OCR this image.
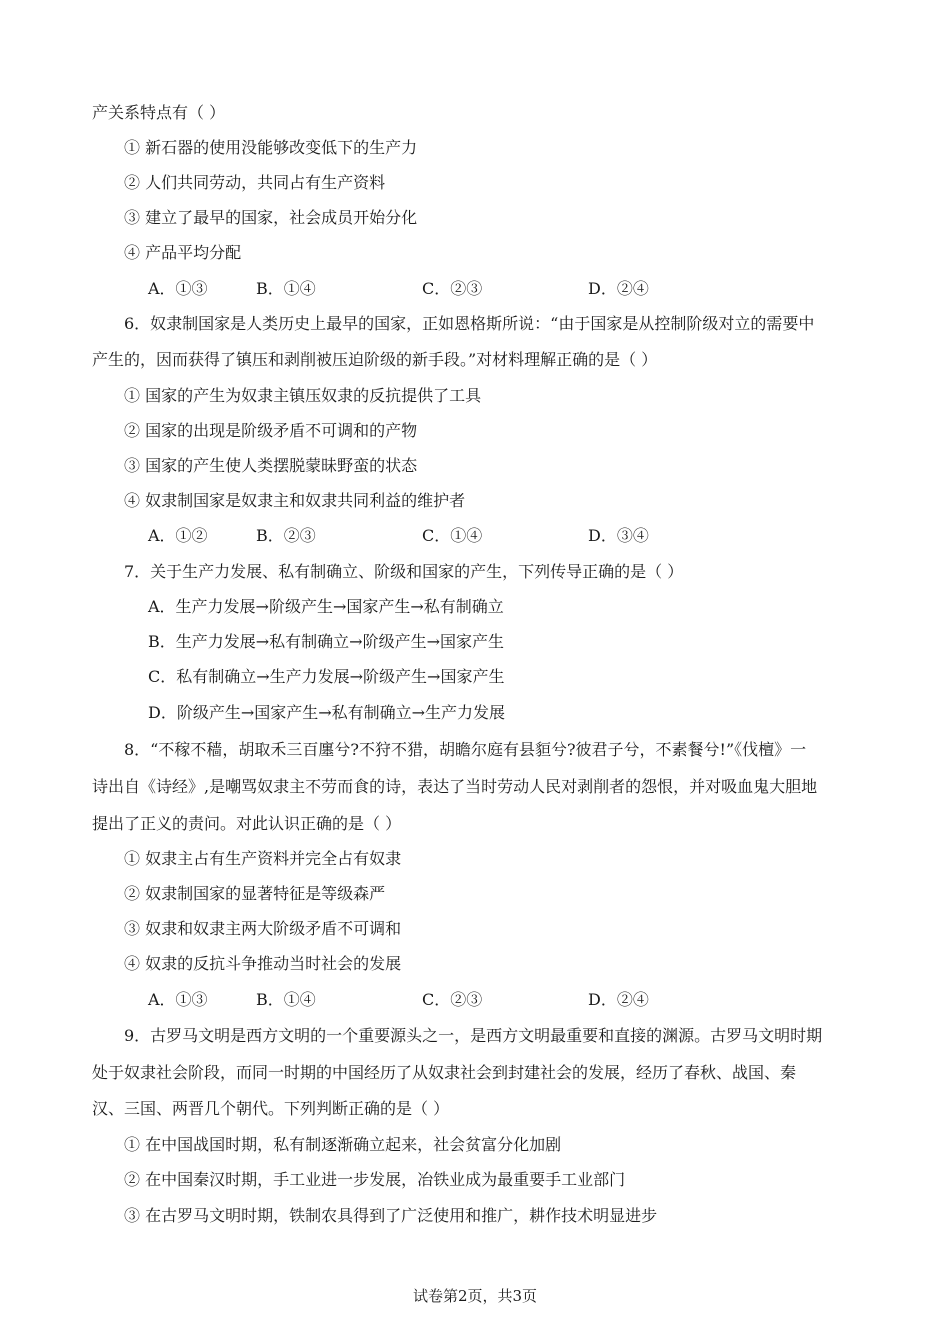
产关系特点有（ ）
① 新石器的使用没能够改变低下的生产力
② 人们共同劳动，共同占有生产资料
③ 建立了最早的国家，社会成员开始分化
④ 产品平均分配
A．①③	B．①④	C．②③	D．②④
6．奴隶制国家是人类历史上最早的国家，正如恩格斯所说：“由于国家是从控制阶级对立的需要中
产生的，因而获得了镇压和剥削被压迫阶级的新手段。”对材料理解正确的是（ ）
① 国家的产生为奴隶主镇压奴隶的反抗提供了工具
② 国家的出现是阶级矛盾不可调和的产物
③ 国家的产生使人类摆脱蒙昧野蛮的状态
④ 奴隶制国家是奴隶主和奴隶共同利益的维护者
A．①②	B．②③	C．①④	D．③④
7．关于生产力发展、私有制确立、阶级和国家的产生，下列传导正确的是（ ）
A．生产力发展→阶级产生→国家产生→私有制确立
B．生产力发展→私有制确立→阶级产生→国家产生
C．私有制确立→生产力发展→阶级产生→国家产生
D．阶级产生→国家产生→私有制确立→生产力发展
8．“不稼不穑，胡取禾三百廛兮?不狩不猎，胡瞻尔庭有县貆兮?彼君子兮，不素餐兮!”《伐檀》一
诗出自《诗经》,是嘲骂奴隶主不劳而食的诗，表达了当时劳动人民对剥削者的怨恨，并对吸血鬼大胆地
提出了正义的责问。对此认识正确的是（ ）
① 奴隶主占有生产资料并完全占有奴隶
② 奴隶制国家的显著特征是等级森严
③ 奴隶和奴隶主两大阶级矛盾不可调和
④ 奴隶的反抗斗争推动当时社会的发展
A．①③	B．①④	C．②③	D．②④
9．古罗马文明是西方文明的一个重要源头之一，是西方文明最重要和直接的渊源。古罗马文明时期
处于奴隶社会阶段，而同一时期的中国经历了从奴隶社会到封建社会的发展，经历了春秋、战国、秦
汉、三国、两晋几个朝代。下列判断正确的是（ ）
① 在中国战国时期，私有制逐渐确立起来，社会贫富分化加剧
② 在中国秦汉时期，手工业进一步发展，冶铁业成为最重要手工业部门
③ 在古罗马文明时期，铁制农具得到了广泛使用和推广，耕作技术明显进步
试卷第2页，共3页
